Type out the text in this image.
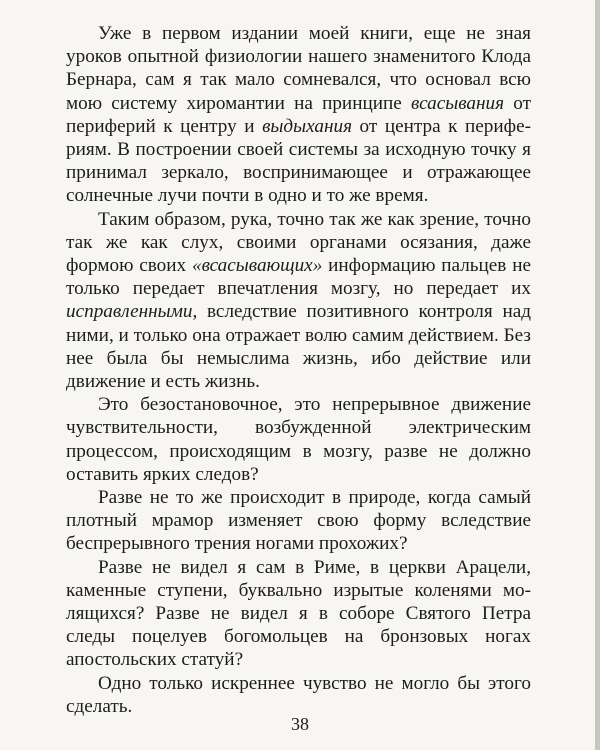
Уже в первом издании моей книги, еще не зная уроков опытной физиологии нашего знаменитого Клода Бернара, сам я так мало сомневался, что основал всю мою систему хиромантии на принципе всасывания от периферий к центру и выдыхания от центра к перифериям. В построении своей системы за исходную точку я принимал зеркало, воспринимающее и отражающее солнечные лучи почти в одно и то же время.

Таким образом, рука, точно так же как зрение, точно так же как слух, своими органами осязания, даже формою своих «всасывающих» информацию пальцев не только передает впечатления мозгу, но передает их исправленными, вследствие позитивного контроля над ними, и только она отражает волю самим действием. Без нее была бы немыслима жизнь, ибо действие или движение и есть жизнь.

Это безостановочное, это непрерывное движение чувствительности, возбужденной электрическим процессом, происходящим в мозгу, разве не должно оставить ярких следов?

Разве не то же происходит в природе, когда самый плотный мрамор изменяет свою форму вследствие беспрерывного трения ногами прохожих?

Разве не видел я сам в Риме, в церкви Арацели, каменные ступени, буквально изрытые коленями молящихся? Разве не видел я в соборе Святого Петра следы поцелуев богомольцев на бронзовых ногах апостольских статуй?

Одно только искреннее чувство не могло бы этого сделать.

38
